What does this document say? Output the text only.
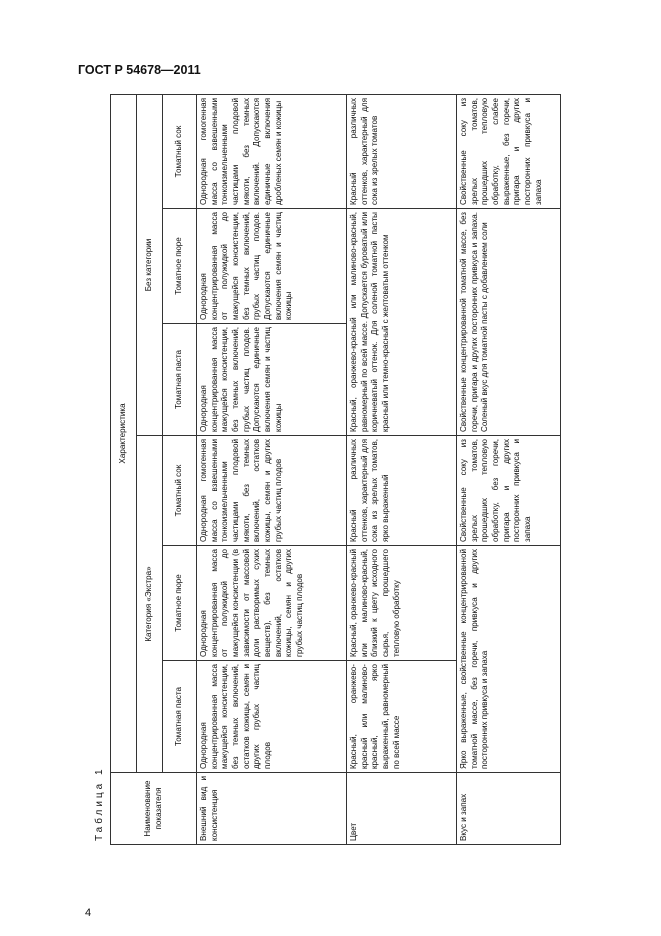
ГОСТ Р 54678—2011
Таблица 1	Наименование показателя	Характеристика					
	Категория «Экстра»			Без категории		
	Томатная паста	Томатное пюре	Томатный сок	Томатная паста	Томатное пюре	Томатный сок
Внешний вид и консистенция	Однородная концентрированная масса мажущейся консистенции, без темных включений, остатков кожицы, семян и других грубых частиц плодов	Однородная концентрированная масса от полужидкой до мажущейся консистенции (в зависимости от массовой доли растворимых сухих веществ), без темных включений, остатков кожицы, семян и других грубых частиц плодов	Однородная гомогенная масса со взвешенными тонкоизмельченными частицами плодовой мякоти, без темных включений, остатков кожицы, семян и других грубых частиц плодов	Однородная концентрированная масса мажущейся консистенции, без темных включений, грубых частиц плодов. Допускаются единичные включения семян и частиц кожицы	Однородная концентрированная масса от полужидкой до мажущейся консистенции, без темных включений, грубых частиц плодов. Допускаются единичные включения семян и частиц кожицы	Однородная гомогенная масса со взвешенными тонкоизмельченными частицами плодовой мякоти, без темных включений. Допускаются единичные включения дробленых семян и кожицы
Цвет	Красный, оранжево-красный или малиново-красный, ярко выраженный, равномерный по всей массе	Красный, оранжево-красный или малиново-красный, близкий к цвету исходного сырья, прошедшего тепловую обработку	Красный различных оттенков, характерный для сока из зрелых томатов, ярко выраженный	Красный, оранжево-красный или малиново-красный, равномерный по всей массе. Допускается буроватый или коричневатый оттенок. Для соленой томатной пасты красный или темно-красный с желтоватым оттенком		Красный различных оттенков, характерный для сока из зрелых томатов
Вкус и запах	Ярко выраженные, свойственные концентрированной томатной массе, без горечи, привкуса и других посторонних привкуса и запаха		Свойственные соку из зрелых томатов, прошедших тепловую обработку, без горечи, пригара и других посторонних привкуса и запаха	Свойственные концентрированной томатной массе, без горечи, пригара и других посторонних привкуса и запаха. Соленый вкус для томатной пасты с добавлением соли		Свойственные соку из зрелых томатов, прошедших тепловую обработку, слабее выраженные, без горечи, пригара и других посторонних привкуса и запаха
4
